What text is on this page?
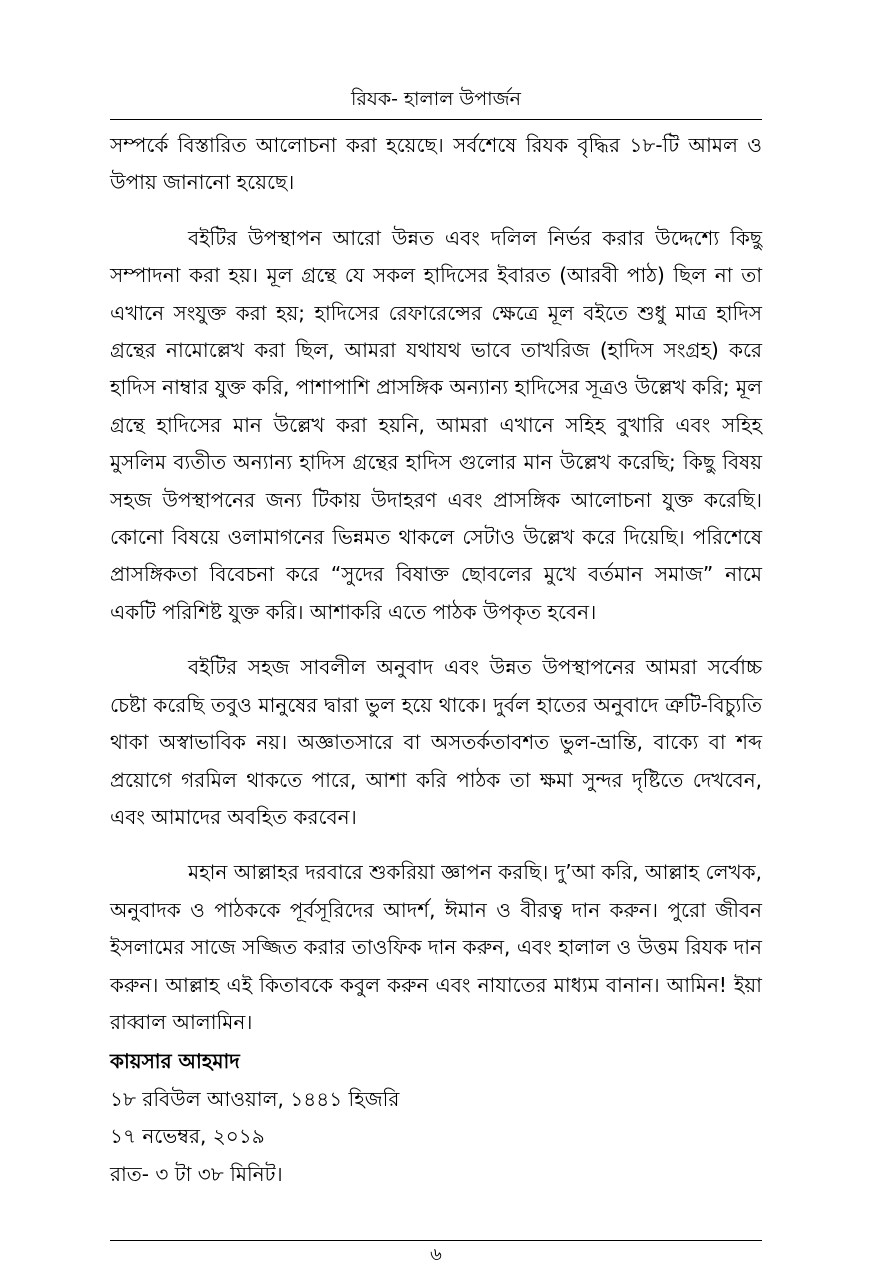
রিযক- হালাল উপার্জন

সম্পর্কে বিস্তারিত আলোচনা করা হয়েছে। সর্বশেষে রিযক বৃদ্ধির ১৮-টি আমল ও উপায় জানানো হয়েছে।

বইটির উপস্থাপন আরো উন্নত এবং দলিল নির্ভর করার উদ্দেশ্যে কিছু সম্পাদনা করা হয়। মূল গ্রন্থে যে সকল হাদিসের ইবারত (আরবী পাঠ) ছিল না তা এখানে সংযুক্ত করা হয়; হাদিসের রেফারেন্সের ক্ষেত্রে মূল বইতে শুধু মাত্র হাদিস গ্রন্থের নামোল্লেখ করা ছিল, আমরা যথাযথ ভাবে তাখরিজ (হাদিস সংগ্রহ) করে হাদিস নাম্বার যুক্ত করি, পাশাপাশি প্রাসঙ্গিক অন্যান্য হাদিসের সূত্রও উল্লেখ করি; মূল গ্রন্থে হাদিসের মান উল্লেখ করা হয়নি, আমরা এখানে সহিহ বুখারি এবং সহিহ মুসলিম ব্যতীত অন্যান্য হাদিস গ্রন্থের হাদিস গুলোর মান উল্লেখ করেছি; কিছু বিষয় সহজ উপস্থাপনের জন্য টিকায় উদাহরণ এবং প্রাসঙ্গিক আলোচনা যুক্ত করেছি। কোনো বিষয়ে ওলামাগনের ভিন্নমত থাকলে সেটাও উল্লেখ করে দিয়েছি। পরিশেষে প্রাসঙ্গিকতা বিবেচনা করে “সুদের বিষাক্ত ছোবলের মুখে বর্তমান সমাজ” নামে একটি পরিশিষ্ট যুক্ত করি। আশাকরি এতে পাঠক উপকৃত হবেন।

বইটির সহজ সাবলীল অনুবাদ এবং উন্নত উপস্থাপনের আমরা সর্বোচ্চ চেষ্টা করেছি তবুও মানুষের দ্বারা ভুল হয়ে থাকে। দুর্বল হাতের অনুবাদে ত্রুটি-বিচ্যুতি থাকা অস্বাভাবিক নয়। অজ্ঞাতসারে বা অসতর্কতাবশত ভুল-ভ্রান্তি, বাক্যে বা শব্দ প্রয়োগে গরমিল থাকতে পারে, আশা করি পাঠক তা ক্ষমা সুন্দর দৃষ্টিতে দেখবেন, এবং আমাদের অবহিত করবেন।

মহান আল্লাহর দরবারে শুকরিয়া জ্ঞাপন করছি। দু’আ করি, আল্লাহ লেখক, অনুবাদক ও পাঠককে পূর্বসূরিদের আদর্শ, ঈমান ও বীরত্ব দান করুন। পুরো জীবন ইসলামের সাজে সজ্জিত করার তাওফিক দান করুন, এবং হালাল ও উত্তম রিযক দান করুন। আল্লাহ এই কিতাবকে কবুল করুন এবং নাযাতের মাধ্যম বানান। আমিন! ইয়া রাব্বাল আলামিন।

কায়সার আহমাদ
১৮ রবিউল আওয়াল, ১৪৪১ হিজরি
১৭ নভেম্বর, ২০১৯
রাত- ৩ টা ৩৮ মিনিট।
৬
